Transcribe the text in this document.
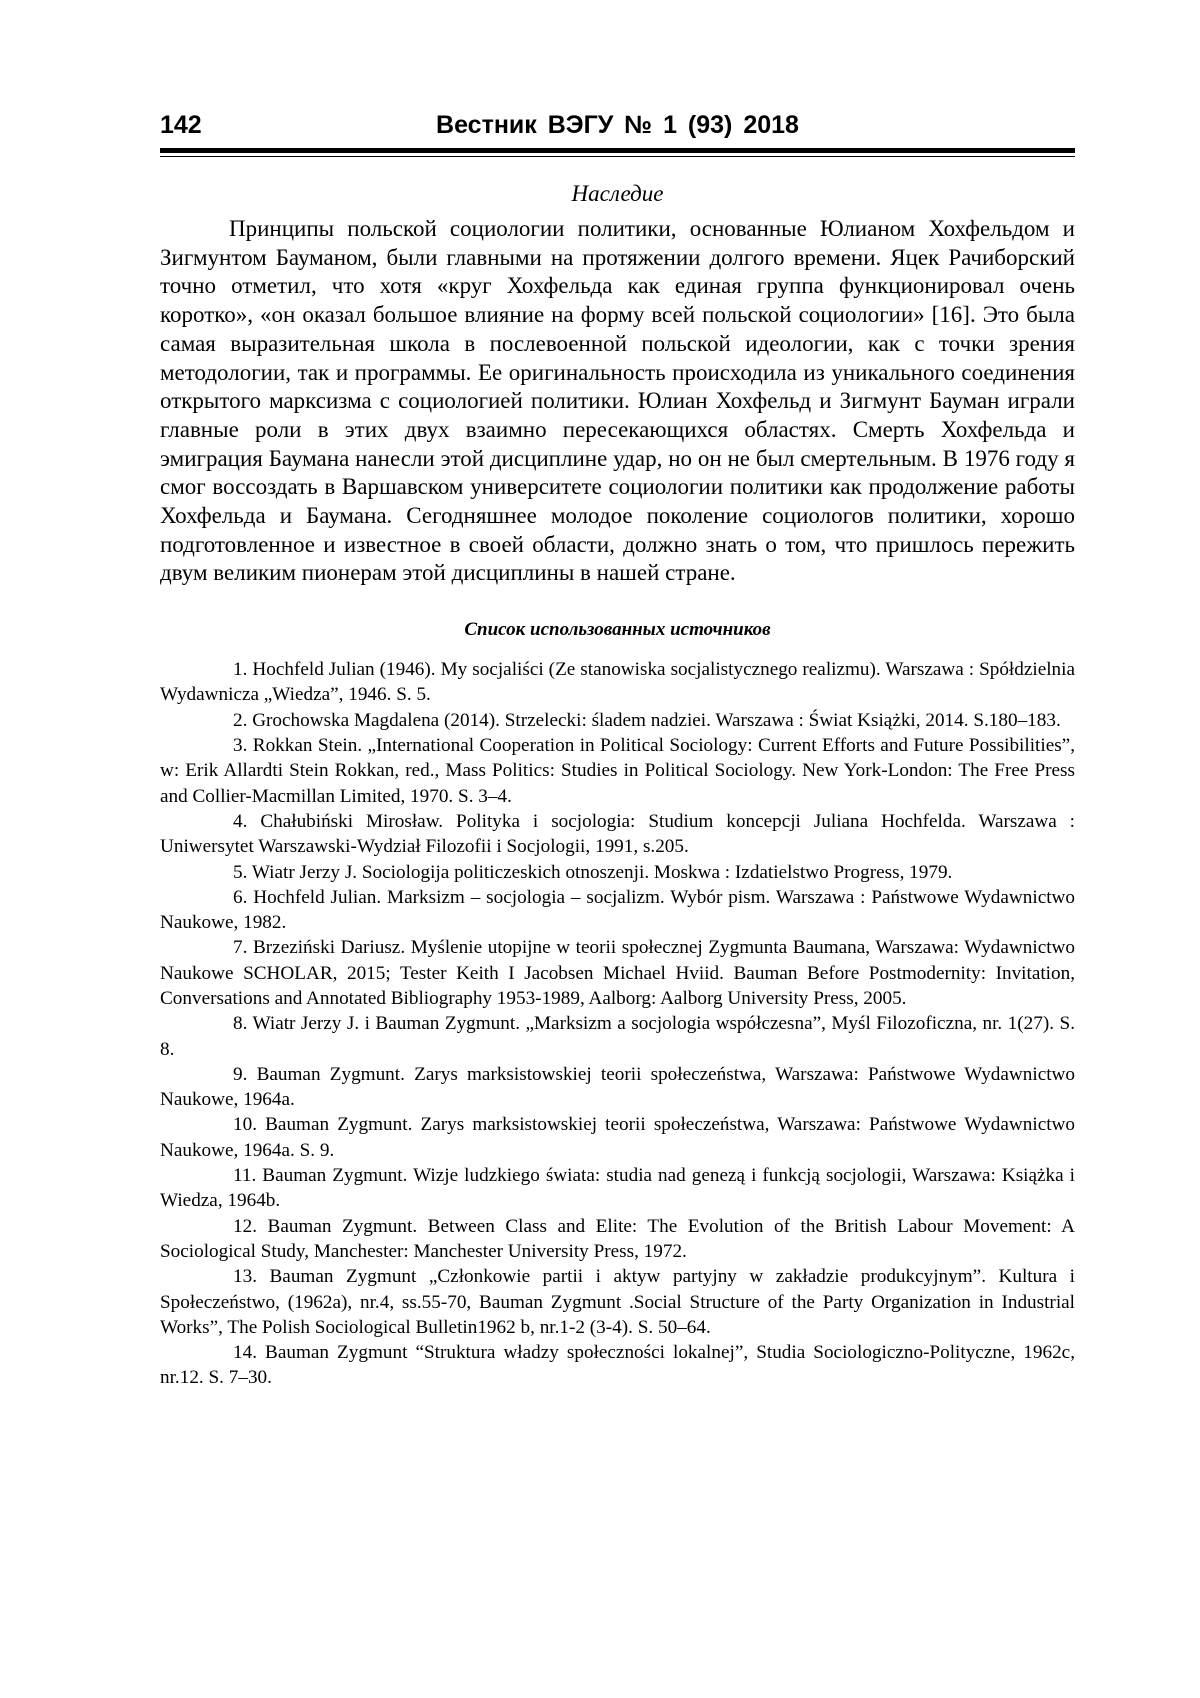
142	Вестник ВЭГУ № 1 (93) 2018
Наследие

Принципы польской социологии политики, основанные Юлианом Хохфельдом и Зигмунтом Бауманом, были главными на протяжении долгого времени. Яцек Рачиборский точно отметил, что хотя «круг Хохфельда как единая группа функционировал очень коротко», «он оказал большое влияние на форму всей польской социологии» [16]. Это была самая выразительная школа в послевоенной польской идеологии, как с точки зрения методологии, так и программы. Ее оригинальность происходила из уникального соединения открытого марксизма с социологией политики. Юлиан Хохфельд и Зигмунт Бауман играли главные роли в этих двух взаимно пересекающихся областях. Смерть Хохфельда и эмиграция Баумана нанесли этой дисциплине удар, но он не был смертельным. В 1976 году я смог воссоздать в Варшавском университете социологии политики как продолжение работы Хохфельда и Баумана. Сегодняшнее молодое поколение социологов политики, хорошо подготовленное и известное в своей области, должно знать о том, что пришлось пережить двум великим пионерам этой дисциплины в нашей стране.

Список использованных источников

1. Hochfeld Julian (1946). My socjaliści (Ze stanowiska socjalistycznego realizmu). Warszawa : Spółdzielnia Wydawnicza „Wiedza”, 1946. S. 5.

2. Grochowska Magdalena (2014). Strzelecki: śladem nadziei. Warszawa : Świat Książki, 2014. S.180–183.

3. Rokkan Stein. „International Cooperation in Political Sociology: Current Efforts and Future Possibilities”, w: Erik Allardti Stein Rokkan, red., Mass Politics: Studies in Political Sociology. New York-London: The Free Press and Collier-Macmillan Limited, 1970. S. 3–4.

4. Chałubiński Mirosław. Polityka i socjologia: Studium koncepcji Juliana Hochfelda. Warszawa : Uniwersytet Warszawski-Wydział Filozofii i Socjologii, 1991, s.205.

5. Wiatr Jerzy J. Sociologija politiczeskich otnoszenji. Moskwa : Izdatielstwo Progress, 1979.

6. Hochfeld Julian. Marksizm – socjologia – socjalizm. Wybór pism. Warszawa : Państwowe Wydawnictwo Naukowe, 1982.

7. Brzeziński Dariusz. Myślenie utopijne w teorii społecznej Zygmunta Baumana, Warszawa: Wydawnictwo Naukowe SCHOLAR, 2015; Tester Keith I Jacobsen Michael Hviid. Bauman Before Postmodernity: Invitation, Conversations and Annotated Bibliography 1953-1989, Aalborg: Aalborg University Press, 2005.

8. Wiatr Jerzy J. i Bauman Zygmunt. „Marksizm a socjologia współczesna”, Myśl Filozoficzna, nr. 1(27). S. 8.

9. Bauman Zygmunt. Zarys marksistowskiej teorii społeczeństwa, Warszawa: Państwowe Wydawnictwo Naukowe, 1964a.

10. Bauman Zygmunt. Zarys marksistowskiej teorii społeczeństwa, Warszawa: Państwowe Wydawnictwo Naukowe, 1964a. S. 9.

11. Bauman Zygmunt. Wizje ludzkiego świata: studia nad genezą i funkcją socjologii, Warszawa: Książka i Wiedza, 1964b.

12. Bauman Zygmunt. Between Class and Elite: The Evolution of the British Labour Movement: A Sociological Study, Manchester: Manchester University Press, 1972.

13. Bauman Zygmunt „Członkowie partii i aktyw partyjny w zakładzie produkcyjnym”. Kultura i Społeczeństwo, (1962a), nr.4, ss.55-70, Bauman Zygmunt .Social Structure of the Party Organization in Industrial Works”, The Polish Sociological Bulletin1962 b, nr.1-2 (3-4). S. 50–64.

14. Bauman Zygmunt “Struktura władzy społeczności lokalnej”, Studia Sociologiczno-Polityczne, 1962c, nr.12. S. 7–30.
